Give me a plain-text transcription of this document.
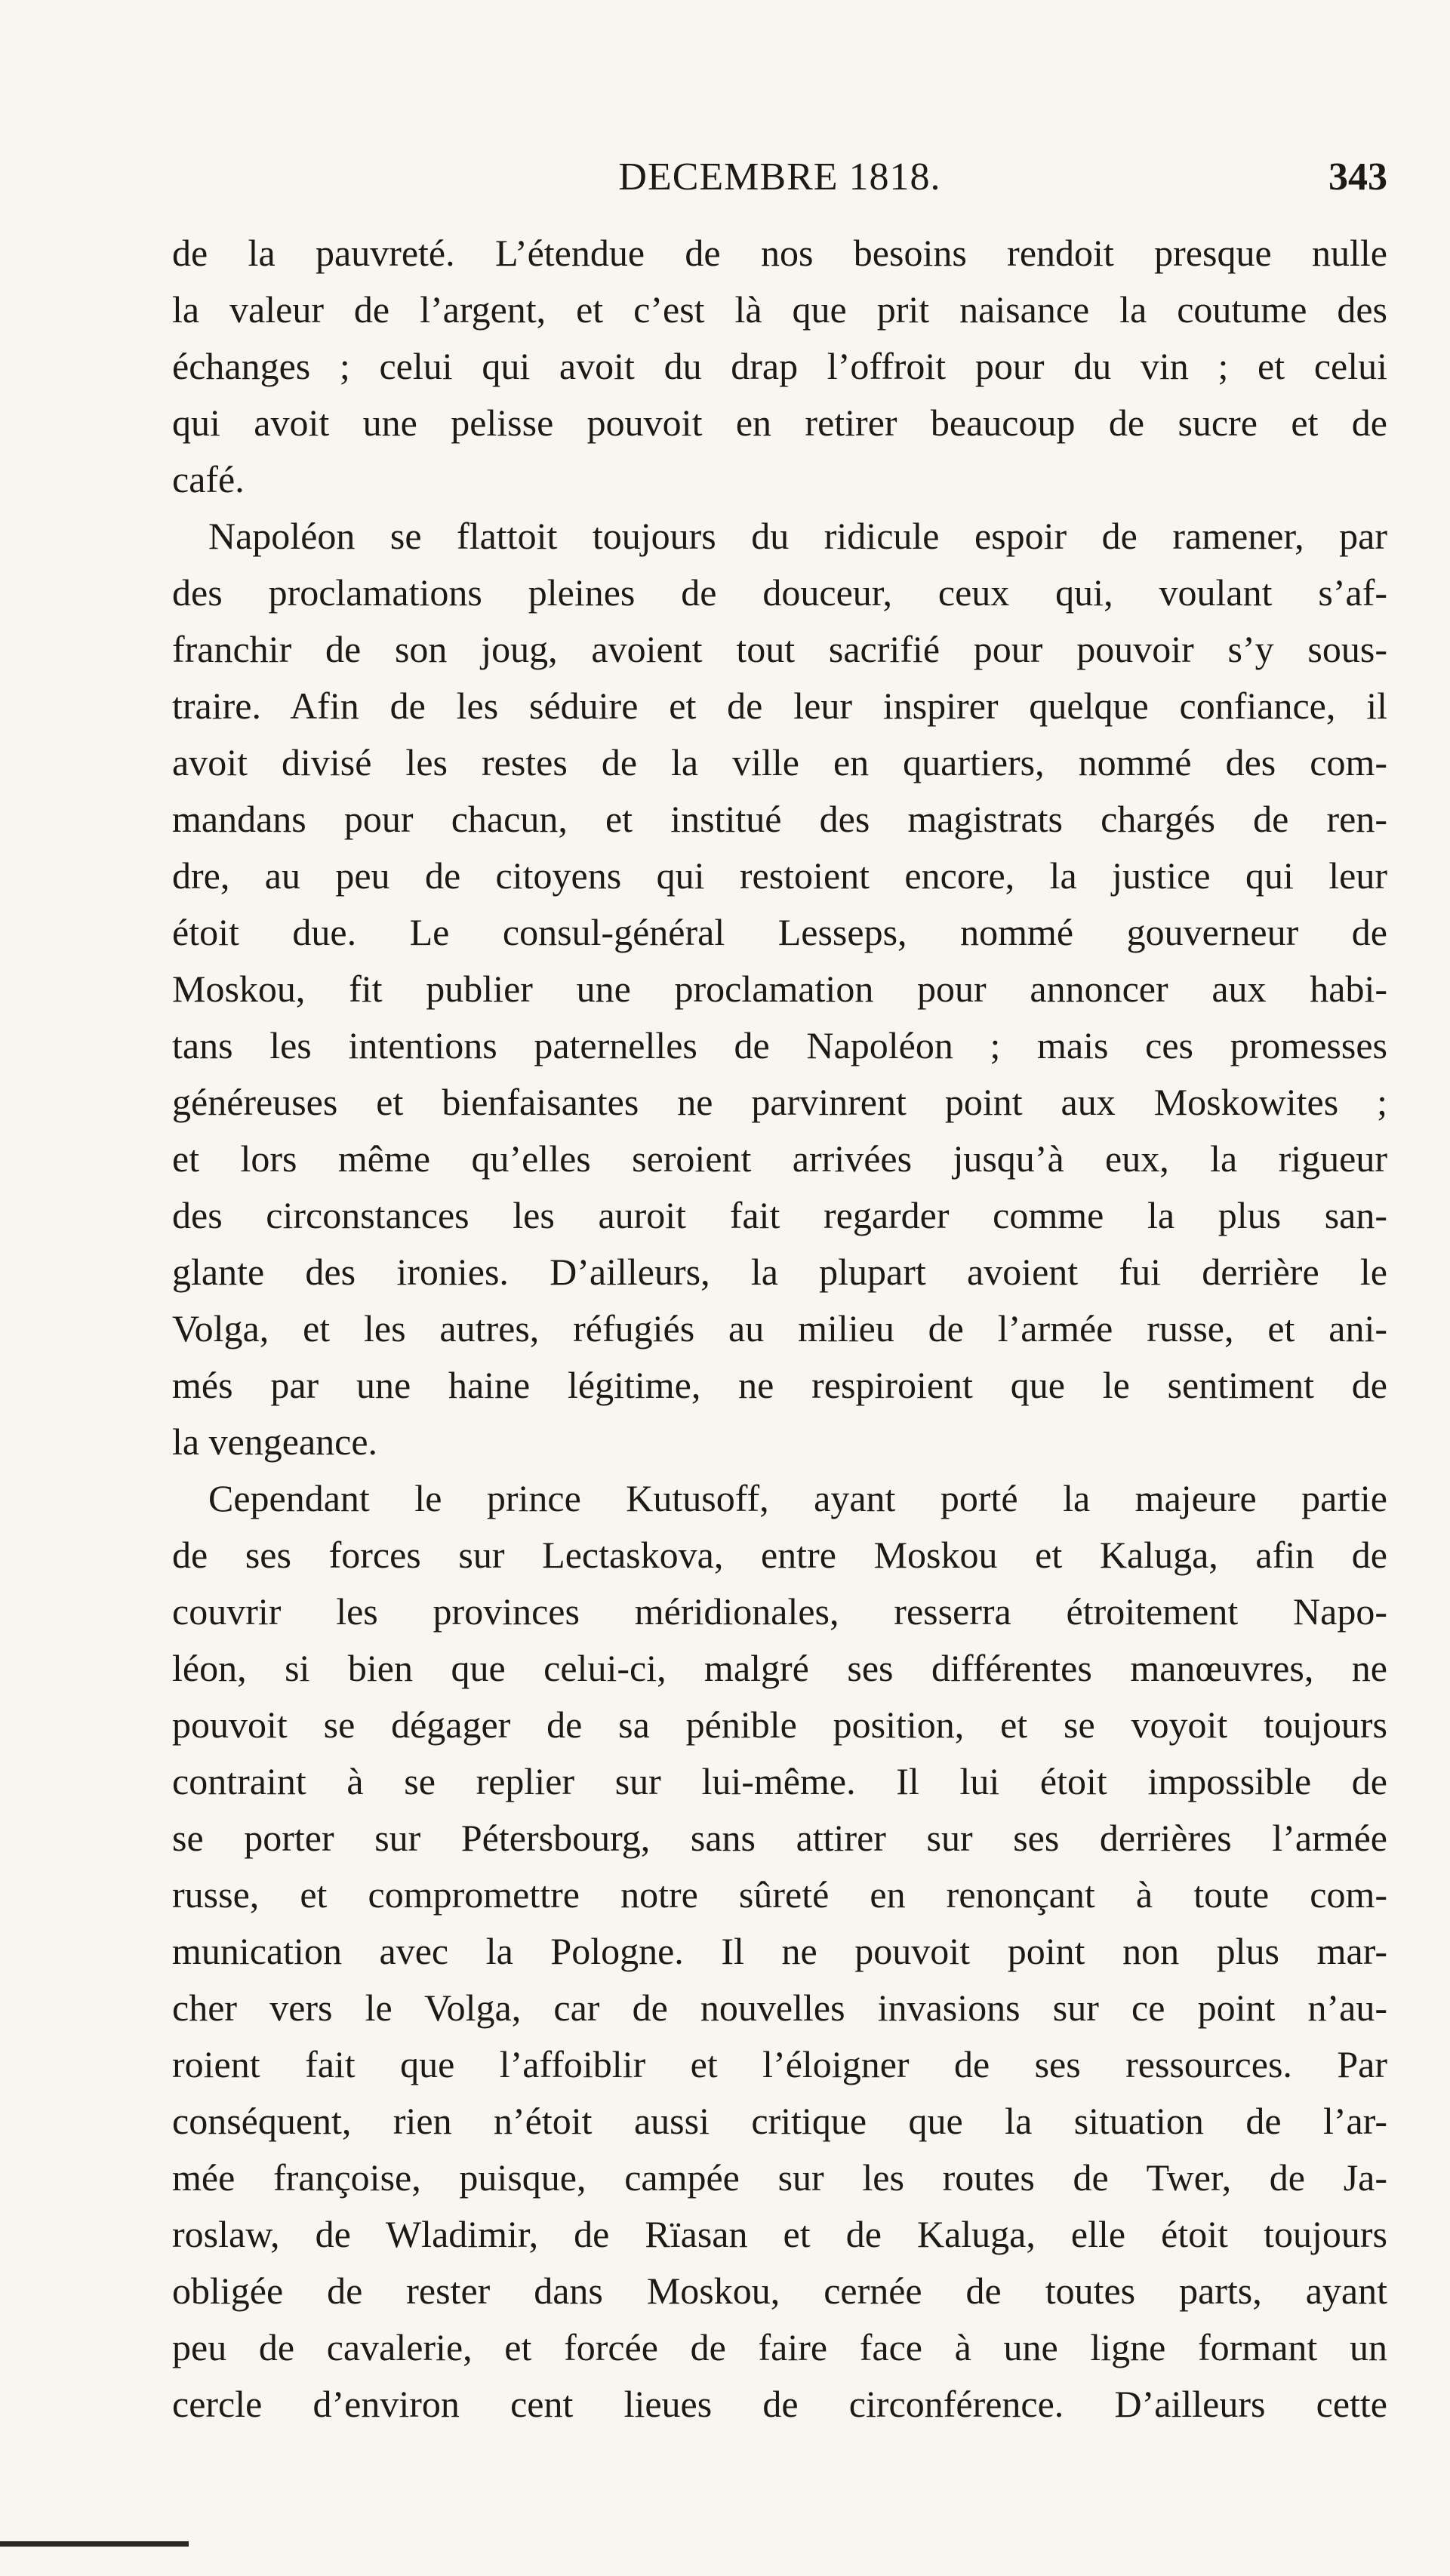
DECEMBRE 1818.	343
de la pauvreté. L’étendue de nos besoins rendoit presque nulle
la valeur de l’argent, et c’est là que prit naisance la coutume des
échanges ; celui qui avoit du drap l’offroit pour du vin ; et celui
qui avoit une pelisse pouvoit en retirer beaucoup de sucre et de
café.
Napoléon se flattoit toujours du ridicule espoir de ramener, par
des proclamations pleines de douceur, ceux qui, voulant s’af-
franchir de son joug, avoient tout sacrifié pour pouvoir s’y sous-
traire. Afin de les séduire et de leur inspirer quelque confiance, il
avoit divisé les restes de la ville en quartiers, nommé des com-
mandans pour chacun, et institué des magistrats chargés de ren-
dre, au peu de citoyens qui restoient encore, la justice qui leur
étoit due. Le consul-général Lesseps, nommé gouverneur de
Moskou, fit publier une proclamation pour annoncer aux habi-
tans les intentions paternelles de Napoléon ; mais ces promesses
généreuses et bienfaisantes ne parvinrent point aux Moskowites ;
et lors même qu’elles seroient arrivées jusqu’à eux, la rigueur
des circonstances les auroit fait regarder comme la plus san-
glante des ironies. D’ailleurs, la plupart avoient fui derrière le
Volga, et les autres, réfugiés au milieu de l’armée russe, et ani-
més par une haine légitime, ne respiroient que le sentiment de
la vengeance.
Cependant le prince Kutusoff, ayant porté la majeure partie
de ses forces sur Lectaskova, entre Moskou et Kaluga, afin de
couvrir les provinces méridionales, resserra étroitement Napo-
léon, si bien que celui-ci, malgré ses différentes manœuvres, ne
pouvoit se dégager de sa pénible position, et se voyoit toujours
contraint à se replier sur lui-même. Il lui étoit impossible de
se porter sur Pétersbourg, sans attirer sur ses derrières l’armée
russe, et compromettre notre sûreté en renonçant à toute com-
munication avec la Pologne. Il ne pouvoit point non plus mar-
cher vers le Volga, car de nouvelles invasions sur ce point n’au-
roient fait que l’affoiblir et l’éloigner de ses ressources. Par
conséquent, rien n’étoit aussi critique que la situation de l’ar-
mée françoise, puisque, campée sur les routes de Twer, de Ja-
roslaw, de Wladimir, de Rïasan et de Kaluga, elle étoit toujours
obligée de rester dans Moskou, cernée de toutes parts, ayant
peu de cavalerie, et forcée de faire face à une ligne formant un
cercle d’environ cent lieues de circonférence. D’ailleurs cette
